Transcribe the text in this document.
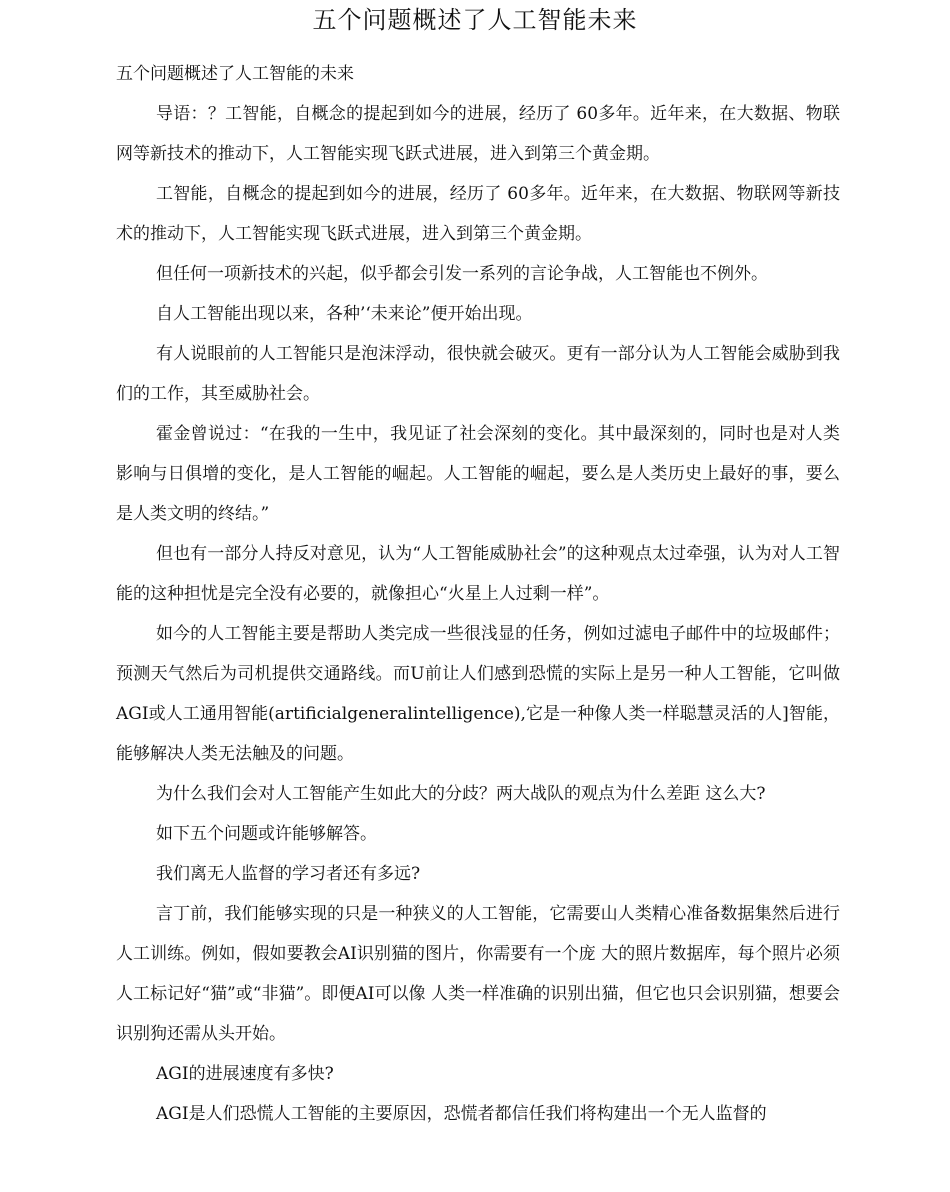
五个问题概述了人工智能未来

五个问题概述了人工智能的未来

导语：？工智能，自概念的提起到如今的进展，经历了 60多年。近年来，在大数据、物联网等新技术的推动下，人工智能实现飞跃式进展，进入到第三个黄金期。

工智能，自概念的提起到如今的进展，经历了 60多年。近年来，在大数据、物联网等新技术的推动下，人工智能实现飞跃式进展，进入到第三个黄金期。

但任何一项新技术的兴起，似乎都会引发一系列的言论争战，人工智能也不例外。

自人工智能出现以来，各种’‘未来论”便开始出现。

有人说眼前的人工智能只是泡沫浮动，很快就会破灭。更有一部分认为人工智能会威胁到我们的工作，其至威胁社会。

霍金曾说过：“在我的一生中，我见证了社会深刻的变化。其中最深刻的，同时也是对人类影响与日俱增的变化，是人工智能的崛起。人工智能的崛起，要么是人类历史上最好的事，要么是人类文明的终结。”

但也有一部分人持反对意见，认为“人工智能威胁社会”的这种观点太过牵强，认为对人工智能的这种担忧是完全没有必要的，就像担心“火星上人过剩一样”。

如今的人工智能主要是帮助人类完成一些很浅显的任务，例如过滤电子邮件中的垃圾邮件；预测天气然后为司机提供交通路线。而U前让人们感到恐慌的实际上是另一种人工智能，它叫做AGI或人工通用智能(artificialgeneralintelligence),它是一种像人类一样聪慧灵活的人]智能，能够解决人类无法触及的问题。

为什么我们会对人工智能产生如此大的分歧？两大战队的观点为什么差距 这么大?

如下五个问题或许能够解答。

我们离无人监督的学习者还有多远?

言丁前，我们能够实现的只是一种狭义的人工智能，它需要山人类精心准备数据集然后进行人工训练。例如，假如要教会AI识别猫的图片，你需要有一个庞 大的照片数据库，每个照片必须人工标记好“猫”或“非猫”。即便AI可以像 人类一样准确的识别出猫，但它也只会识别猫，想要会识别狗还需从头开始。

AGI的进展速度有多快?

AGI是人们恐慌人工智能的主要原因，恐慌者都信任我们将构建出一个无人监督的
